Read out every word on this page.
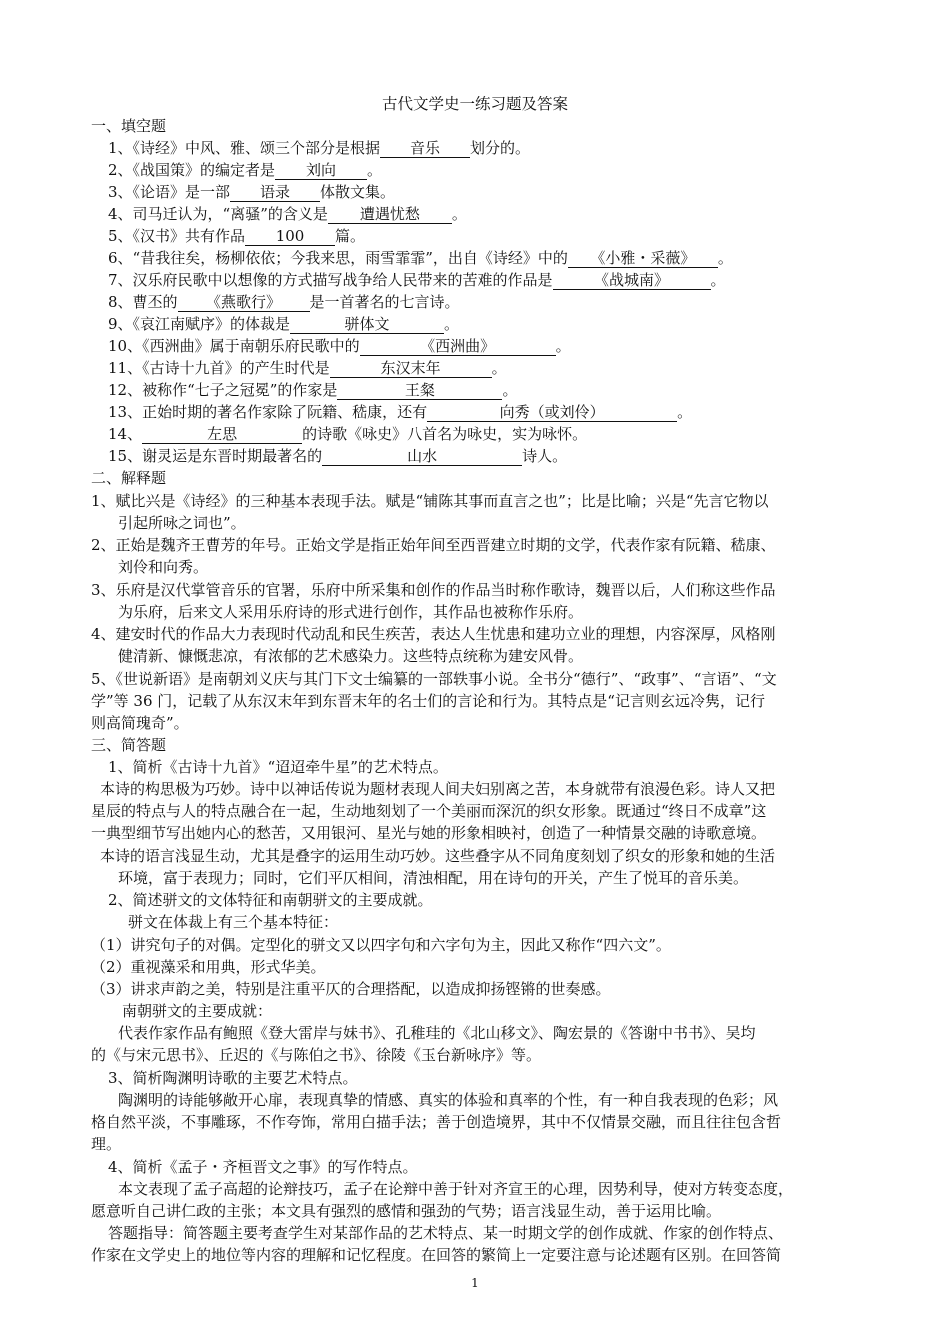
古代文学史一练习题及答案
一、填空题
1、《诗经》中风、雅、颂三个部分是根据 音乐 划分的。
2、《战国策》的编定者是 刘向 。
3、《论语》是一部 语录 体散文集。
4、司马迁认为，“离骚”的含义是 遭遇忧愁 。
5、《汉书》共有作品 100 篇。
6、“昔我往矣，杨柳依依；今我来思，雨雪霏霏”，出自《诗经》中的 《小雅・采薇》 。
7、汉乐府民歌中以想像的方式描写战争给人民带来的苦难的作品是	《战城南》	。
8、曹丕的 《燕歌行》 是一首著名的七言诗。
9、《哀江南赋序》的体裁是	骈体文	。
10、《西洲曲》属于南朝乐府民歌中的	《西洲曲》	。
11、《古诗十九首》的产生时代是	东汉末年	。
12、被称作“七子之冠冕”的作家是	王粲	。
13、正始时期的著名作家除了阮籍、嵇康，还有	向秀（或刘伶）	。
14、	左思	的诗歌《咏史》八首名为咏史，实为咏怀。
15、谢灵运是东晋时期最著名的	山水	诗人。
二、解释题
1、赋比兴是《诗经》的三种基本表现手法。赋是“铺陈其事而直言之也”；比是比喻；兴是“先言它物以
引起所咏之词也”。
2、正始是魏齐王曹芳的年号。正始文学是指正始年间至西晋建立时期的文学，代表作家有阮籍、嵇康、
刘伶和向秀。
3、乐府是汉代掌管音乐的官署，乐府中所采集和创作的作品当时称作歌诗，魏晋以后，人们称这些作品
为乐府，后来文人采用乐府诗的形式进行创作，其作品也被称作乐府。
4、建安时代的作品大力表现时代动乱和民生疾苦，表达人生忧患和建功立业的理想，内容深厚，风格刚
健清新、慷慨悲凉，有浓郁的艺术感染力。这些特点统称为建安风骨。
5、《世说新语》是南朝刘义庆与其门下文士编纂的一部轶事小说。全书分“德行”、“政事”、“言语”、“文
学”等 36 门，记载了从东汉末年到东晋末年的名士们的言论和行为。其特点是“记言则玄远冷隽，记行
则高简瑰奇”。
三、简答题
1、简析《古诗十九首》“迢迢牵牛星”的艺术特点。
本诗的构思极为巧妙。诗中以神话传说为题材表现人间夫妇别离之苦，本身就带有浪漫色彩。诗人又把
星辰的特点与人的特点融合在一起，生动地刻划了一个美丽而深沉的织女形象。既通过“终日不成章”这
一典型细节写出她内心的愁苦，又用银河、星光与她的形象相映衬，创造了一种情景交融的诗歌意境。
本诗的语言浅显生动，尤其是叠字的运用生动巧妙。这些叠字从不同角度刻划了织女的形象和她的生活
环境，富于表现力；同时，它们平仄相间，清浊相配，用在诗句的开关，产生了悦耳的音乐美。
2、简述骈文的文体特征和南朝骈文的主要成就。
骈文在体裁上有三个基本特征：
（1）讲究句子的对偶。定型化的骈文又以四字句和六字句为主，因此又称作“四六文”。
（2）重视藻采和用典，形式华美。
（3）讲求声韵之美，特别是注重平仄的合理搭配，以造成抑扬铿锵的世奏感。
南朝骈文的主要成就：
代表作家作品有鲍照《登大雷岸与妹书》、孔稚珪的《北山移文》、陶宏景的《答谢中书书》、吴均
的《与宋元思书》、丘迟的《与陈伯之书》、徐陵《玉台新咏序》等。
3、简析陶渊明诗歌的主要艺术特点。
陶渊明的诗能够敞开心扉，表现真挚的情感、真实的体验和真率的个性，有一种自我表现的色彩；风
格自然平淡，不事雕琢，不作夸饰，常用白描手法；善于创造境界，其中不仅情景交融，而且往往包含哲
理。
4、简析《孟子・齐桓晋文之事》的写作特点。
本文表现了孟子高超的论辩技巧，孟子在论辩中善于针对齐宣王的心理，因势利导，使对方转变态度，
愿意听自己讲仁政的主张；本文具有强烈的感情和强劲的气势；语言浅显生动，善于运用比喻。
答题指导：简答题主要考查学生对某部作品的艺术特点、某一时期文学的创作成就、作家的创作特点、
作家在文学史上的地位等内容的理解和记忆程度。在回答的繁简上一定要注意与论述题有区别。在回答简
1
